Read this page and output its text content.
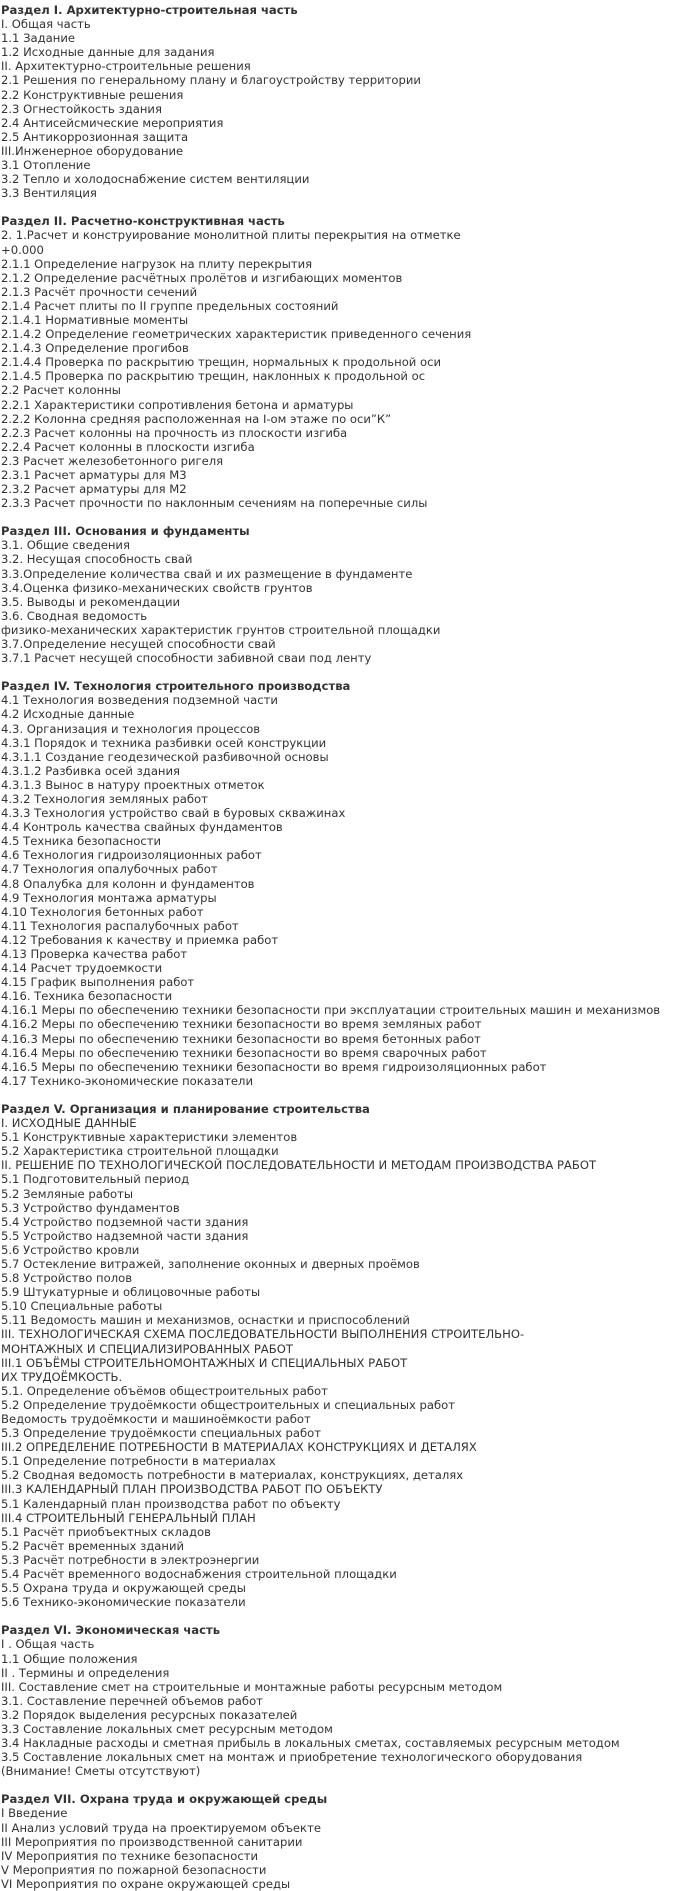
Раздел I. Архитектурно-строительная часть
I. Общая часть
1.1 Задание
1.2 Исходные данные для задания
II. Архитектурно-строительные решения
2.1 Решения по генеральному плану и благоустройству территории
2.2 Конструктивные решения
2.3 Огнестойкость здания
2.4 Антисейсмические мероприятия
2.5 Антикоррозионная защита
III.Инженерное оборудование
3.1 Отопление
3.2 Тепло и холодоснабжение систем вентиляции
3.3 Вентиляция
Раздел II. Расчетно-конструктивная часть
2. 1.Расчет и конструирование монолитной плиты перекрытия на отметке
+0.000
2.1.1 Определение нагрузок на плиту перекрытия
2.1.2 Определение расчётных пролётов и изгибающих моментов
2.1.3 Расчёт прочности сечений
2.1.4 Расчет плиты по II группе предельных состояний
2.1.4.1 Нормативные моменты
2.1.4.2 Определение геометрических характеристик приведенного сечения
2.1.4.3 Определение прогибов
2.1.4.4 Проверка по раскрытию трещин, нормальных к продольной оси
2.1.4.5 Проверка по раскрытию трещин, наклонных к продольной ос
2.2 Расчет колонны
2.2.1 Характеристики сопротивления бетона и арматуры
2.2.2 Колонна средняя расположенная на I-ом этаже по оси”К”
2.2.3 Расчет колонны на прочность из плоскости изгиба
2.2.4 Расчет колонны в плоскости изгиба
2.3 Расчет железобетонного ригеля
2.3.1 Расчет арматуры для М3
2.3.2 Расчет арматуры для М2
2.3.3 Расчет прочности по наклонным сечениям на поперечные силы
Раздел III. Основания и фундаменты
3.1. Общие сведения
3.2. Несущая способность свай
3.3.Определение количества свай и их размещение в фундаменте
3.4.Оценка физико-механических свойств грунтов
3.5. Выводы и рекомендации
3.6. Сводная ведомость
физико-механических характеристик грунтов строительной площадки
3.7.Определение несущей способности свай
3.7.1 Расчет несущей способности забивной сваи под ленту
Раздел IV. Технология строительного производства
4.1 Технология возведения подземной части
4.2 Исходные данные
4.3. Организация и технология процессов
4.3.1 Порядок и техника разбивки осей конструкции
4.3.1.1 Создание геодезической разбивочной основы
4.3.1.2 Разбивка осей здания
4.3.1.3 Вынос в натуру проектных отметок
4.3.2 Технология земляных работ
4.3.3 Технология устройство свай в буровых скважинах
4.4 Контроль качества свайных фундаментов
4.5 Техника безопасности
4.6 Технология гидроизоляционных работ
4.7 Технология опалубочных работ
4.8 Опалубка для колонн и фундаментов
4.9 Технология монтажа арматуры
4.10 Технология бетонных работ
4.11 Технология распалубочных работ
4.12 Требования к качеству и приемка работ
4.13 Проверка качества работ
4.14 Расчет трудоемкости
4.15 График выполнения работ
4.16. Техника безопасности
4.16.1 Меры по обеспечению техники безопасности при эксплуатации строительных машин и механизмов
4.16.2 Меры по обеспечению техники безопасности во время земляных работ
4.16.3 Меры по обеспечению техники безопасности во время бетонных работ
4.16.4 Меры по обеспечению техники безопасности во время сварочных работ
4.16.5 Меры по обеспечению техники безопасности во время гидроизоляционных работ
4.17 Технико-экономические показатели
Раздел V. Организация и планирование строительства
I. ИСХОДНЫЕ ДАННЫЕ
5.1 Конструктивные характеристики элементов
5.2 Характеристика строительной площадки
II. РЕШЕНИЕ ПО ТЕХНОЛОГИЧЕСКОЙ ПОСЛЕДОВАТЕЛЬНОСТИ И МЕТОДАМ ПРОИЗВОДСТВА РАБОТ
5.1 Подготовительный период
5.2 Земляные работы
5.3 Устройство фундаментов
5.4 Устройство подземной части здания
5.5 Устройство надземной части здания
5.6 Устройство кровли
5.7 Остекление витражей, заполнение оконных и дверных проёмов
5.8 Устройство полов
5.9 Штукатурные и облицовочные работы
5.10 Специальные работы
5.11 Ведомость машин и механизмов, оснастки и приспособлений
III. ТЕХНОЛОГИЧЕСКАЯ СХЕМА ПОСЛЕДОВАТЕЛЬНОСТИ ВЫПОЛНЕНИЯ СТРОИТЕЛЬНО-МОНТАЖНЫХ И СПЕЦИАЛИЗИРОВАННЫХ РАБОТ
III.1 ОБЪЁМЫ СТРОИТЕЛЬНОМОНТАЖНЫХ И СПЕЦИАЛЬНЫХ РАБОТ
ИХ ТРУДОЁМКОСТЬ.
5.1. Определение объёмов общестроительных работ
5.2 Определение трудоёмкости общестроительных и специальных работ
Ведомость трудоёмкости и машиноёмкости работ
5.3 Определение трудоёмкости специальных работ
III.2 ОПРЕДЕЛЕНИЕ ПОТРЕБНОСТИ В МАТЕРИАЛАХ КОНСТРУКЦИЯХ И ДЕТАЛЯХ
5.1 Определение потребности в материалах
5.2 Сводная ведомость потребности в материалах, конструкциях, деталях
III.3 КАЛЕНДАРНЫЙ ПЛАН ПРОИЗВОДСТВА РАБОТ ПО ОБЪЕКТУ
5.1 Календарный план производства работ по объекту
III.4 СТРОИТЕЛЬНЫЙ ГЕНЕРАЛЬНЫЙ ПЛАН
5.1 Расчёт приобъектных складов
5.2 Расчёт временных зданий
5.3 Расчёт потребности в электроэнергии
5.4 Расчёт временного водоснабжения строительной площадки
5.5 Охрана труда и окружающей среды
5.6 Технико-экономические показатели
Раздел VI. Экономическая часть
I . Общая часть
1.1 Общие положения
II . Термины и определения
III. Составление смет на строительные и монтажные работы ресурсным методом
3.1. Составление перечней объемов работ
3.2 Порядок выделения ресурсных показателей
3.3 Составление локальных смет ресурсным методом
3.4 Накладные расходы и сметная прибыль в локальных сметах, составляемых ресурсным методом
3.5 Составление локальных смет на монтаж и приобретение технологического оборудования
(Внимание! Сметы отсутствуют)
Раздел VII. Охрана труда и окружающей среды
I Введение
II Анализ условий труда на проектируемом объекте
III Мероприятия по производственной санитарии
IV Мероприятия по технике безопасности
V Мероприятия по пожарной безопасности
VI Мероприятия по охране окружающей среды
